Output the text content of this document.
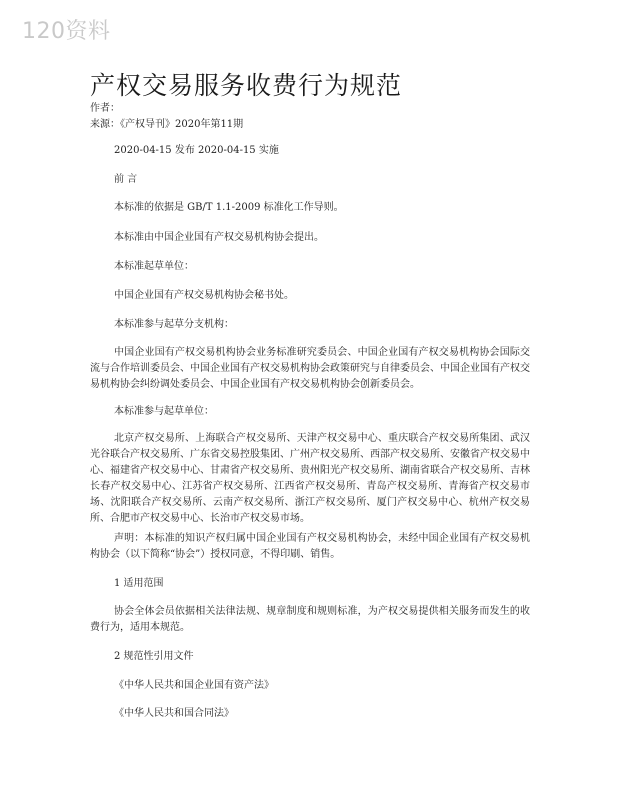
120资料
产权交易服务收费行为规范
作者：
来源：《产权导刊》2020年第11期
2020-04-15 发布 2020-04-15 实施
前 言
本标准的依据是 GB/T 1.1-2009 标准化工作导则。
本标准由中国企业国有产权交易机构协会提出。
本标准起草单位：
中国企业国有产权交易机构协会秘书处。
本标准参与起草分支机构：
中国企业国有产权交易机构协会业务标准研究委员会、中国企业国有产权交易机构协会国际交流与合作培训委员会、中国企业国有产权交易机构协会政策研究与自律委员会、中国企业国有产权交易机构协会纠纷调处委员会、中国企业国有产权交易机构协会创新委员会。
本标准参与起草单位：
北京产权交易所、上海联合产权交易所、天津产权交易中心、重庆联合产权交易所集团、武汉光谷联合产权交易所、广东省交易控股集团、广州产权交易所、西部产权交易所、安徽省产权交易中心、福建省产权交易中心、甘肃省产权交易所、贵州阳光产权交易所、湖南省联合产权交易所、吉林长春产权交易中心、江苏省产权交易所、江西省产权交易所、青岛产权交易所、青海省产权交易市场、沈阳联合产权交易所、云南产权交易所、浙江产权交易所、厦门产权交易中心、杭州产权交易所、合肥市产权交易中心、长治市产权交易市场。
声明：本标准的知识产权归属中国企业国有产权交易机构协会，未经中国企业国有产权交易机构协会（以下简称“协会”）授权同意，不得印刷、销售。
1 适用范围
协会全体会员依据相关法律法规、规章制度和规则标准，为产权交易提供相关服务而发生的收费行为，适用本规范。
2 规范性引用文件
《中华人民共和国企业国有资产法》
《中华人民共和国合同法》
